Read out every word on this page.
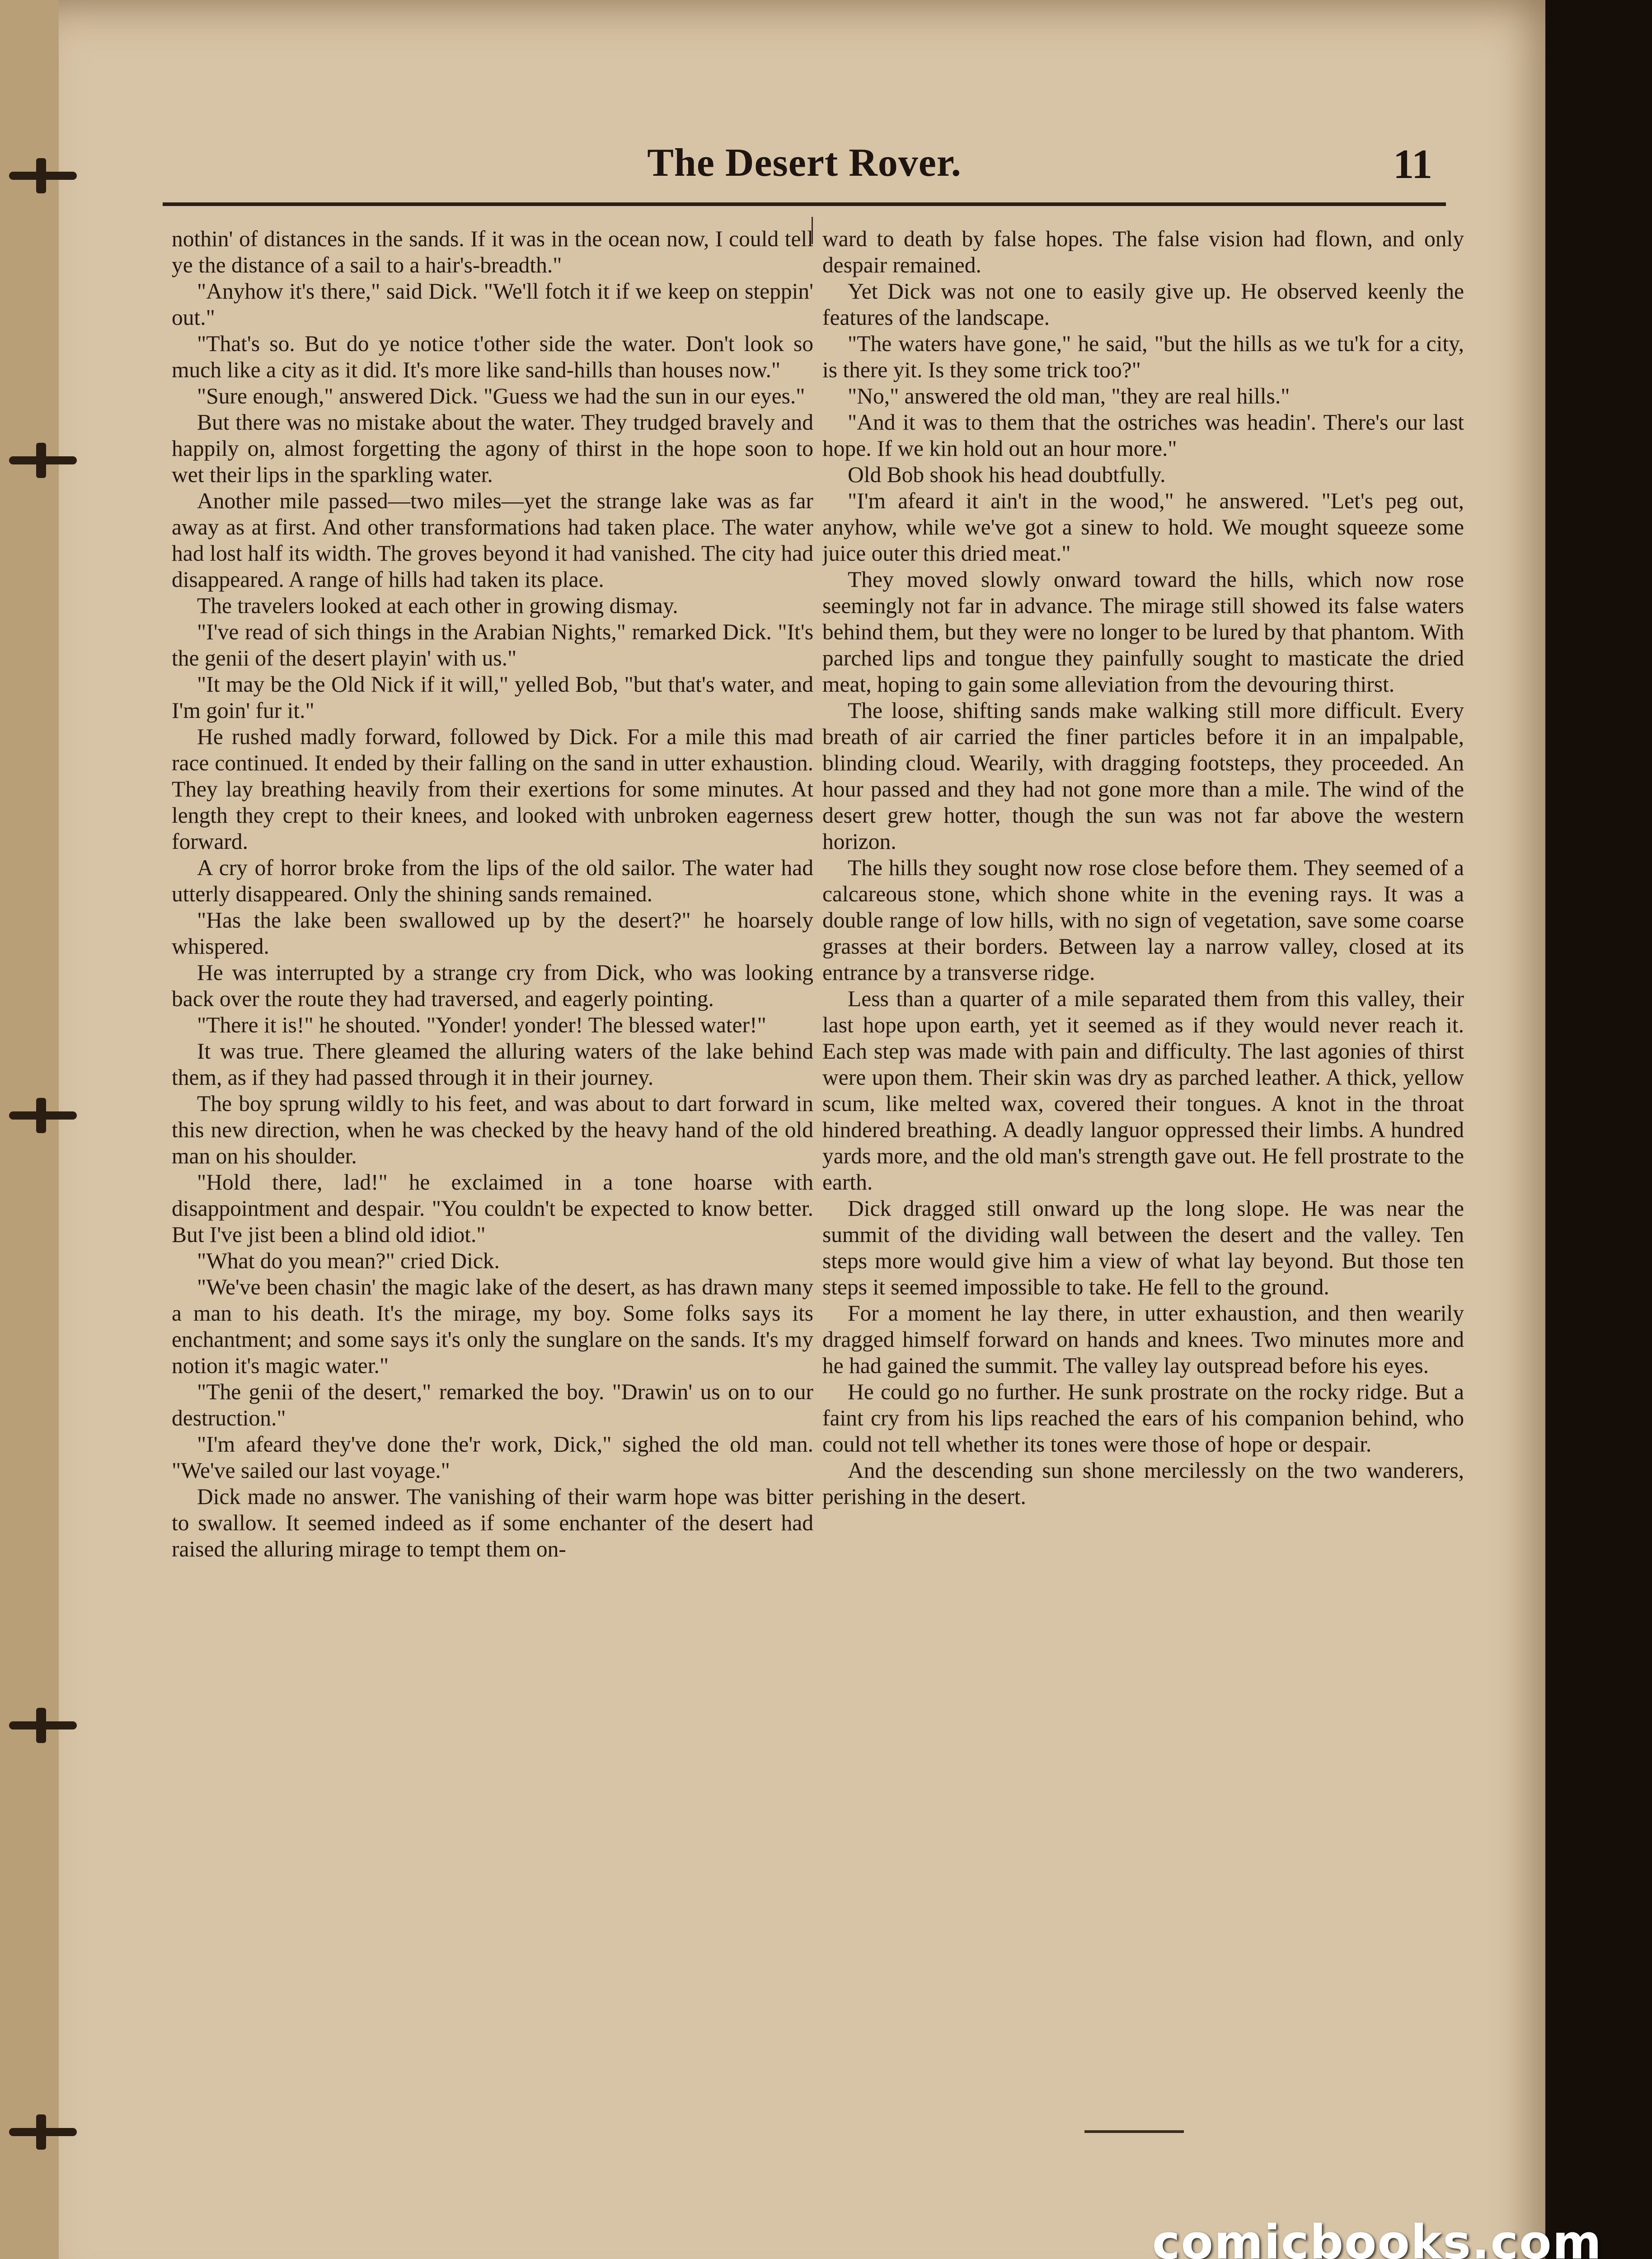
The Desert Rover.	11

nothin' of distances in the sands. If it was in the ocean now, I could tell ye the distance of a sail to a hair's-breadth."

"Anyhow it's there," said Dick. "We'll fotch it if we keep on steppin' out."

"That's so. But do ye notice t'other side the water. Don't look so much like a city as it did. It's more like sand-hills than houses now."

"Sure enough," answered Dick. "Guess we had the sun in our eyes."

But there was no mistake about the water. They trudged bravely and happily on, almost forgetting the agony of thirst in the hope soon to wet their lips in the sparkling water.

Another mile passed—two miles—yet the strange lake was as far away as at first. And other transformations had taken place. The water had lost half its width. The groves beyond it had vanished. The city had disappeared. A range of hills had taken its place.

The travelers looked at each other in growing dismay.

"I've read of sich things in the Arabian Nights," remarked Dick. "It's the genii of the desert playin' with us."

"It may be the Old Nick if it will," yelled Bob, "but that's water, and I'm goin' fur it."

He rushed madly forward, followed by Dick. For a mile this mad race continued. It ended by their falling on the sand in utter exhaustion. They lay breathing heavily from their exertions for some minutes. At length they crept to their knees, and looked with unbroken eagerness forward.

A cry of horror broke from the lips of the old sailor. The water had utterly disappeared. Only the shining sands remained.

"Has the lake been swallowed up by the desert?" he hoarsely whispered.

He was interrupted by a strange cry from Dick, who was looking back over the route they had traversed, and eagerly pointing.

"There it is!" he shouted. "Yonder! yonder! The blessed water!"

It was true. There gleamed the alluring waters of the lake behind them, as if they had passed through it in their journey.

The boy sprung wildly to his feet, and was about to dart forward in this new direction, when he was checked by the heavy hand of the old man on his shoulder.

"Hold there, lad!" he exclaimed in a tone hoarse with disappointment and despair. "You couldn't be expected to know better. But I've jist been a blind old idiot."

"What do you mean?" cried Dick.

"We've been chasin' the magic lake of the desert, as has drawn many a man to his death. It's the mirage, my boy. Some folks says its enchantment; and some says it's only the sunglare on the sands. It's my notion it's magic water."

"The genii of the desert," remarked the boy. "Drawin' us on to our destruction."

"I'm afeard they've done the'r work, Dick," sighed the old man. "We've sailed our last voyage."

Dick made no answer. The vanishing of their warm hope was bitter to swallow. It seemed indeed as if some enchanter of the desert had raised the alluring mirage to tempt them on-

ward to death by false hopes. The false vision had flown, and only despair remained.

Yet Dick was not one to easily give up. He observed keenly the features of the landscape.

"The waters have gone," he said, "but the hills as we tu'k for a city, is there yit. Is they some trick too?"

"No," answered the old man, "they are real hills."

"And it was to them that the ostriches was headin'. There's our last hope. If we kin hold out an hour more."

Old Bob shook his head doubtfully.

"I'm afeard it ain't in the wood," he answered. "Let's peg out, anyhow, while we've got a sinew to hold. We mought squeeze some juice outer this dried meat."

They moved slowly onward toward the hills, which now rose seemingly not far in advance. The mirage still showed its false waters behind them, but they were no longer to be lured by that phantom. With parched lips and tongue they painfully sought to masticate the dried meat, hoping to gain some alleviation from the devouring thirst.

The loose, shifting sands make walking still more difficult. Every breath of air carried the finer particles before it in an impalpable, blinding cloud. Wearily, with dragging footsteps, they proceeded. An hour passed and they had not gone more than a mile. The wind of the desert grew hotter, though the sun was not far above the western horizon.

The hills they sought now rose close before them. They seemed of a calcareous stone, which shone white in the evening rays. It was a double range of low hills, with no sign of vegetation, save some coarse grasses at their borders. Between lay a narrow valley, closed at its entrance by a transverse ridge.

Less than a quarter of a mile separated them from this valley, their last hope upon earth, yet it seemed as if they would never reach it. Each step was made with pain and difficulty. The last agonies of thirst were upon them. Their skin was dry as parched leather. A thick, yellow scum, like melted wax, covered their tongues. A knot in the throat hindered breathing. A deadly languor oppressed their limbs. A hundred yards more, and the old man's strength gave out. He fell prostrate to the earth.

Dick dragged still onward up the long slope. He was near the summit of the dividing wall between the desert and the valley. Ten steps more would give him a view of what lay beyond. But those ten steps it seemed impossible to take. He fell to the ground.

For a moment he lay there, in utter exhaustion, and then wearily dragged himself forward on hands and knees. Two minutes more and he had gained the summit. The valley lay outspread before his eyes.

He could go no further. He sunk prostrate on the rocky ridge. But a faint cry from his lips reached the ears of his companion behind, who could not tell whether its tones were those of hope or despair.

And the descending sun shone mercilessly on the two wanderers, perishing in the desert.

comicbooks.com
